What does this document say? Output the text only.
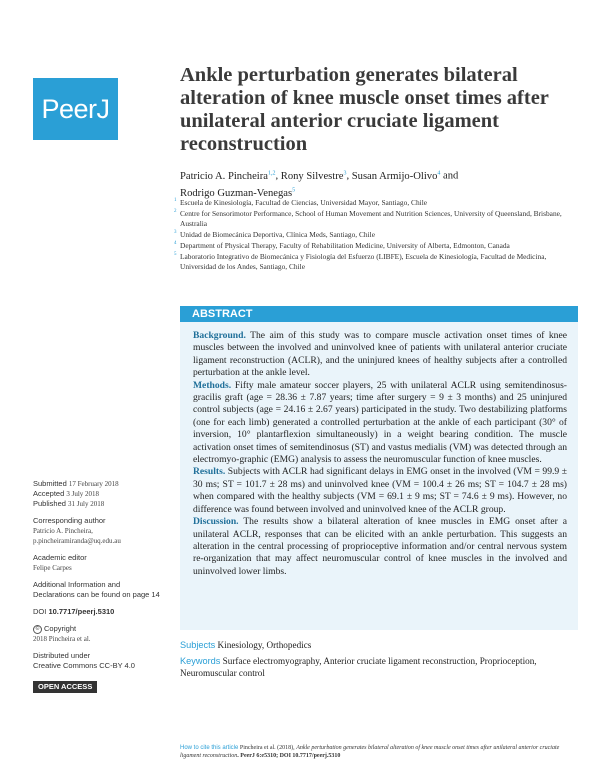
PeerJ
Ankle perturbation generates bilateral alteration of knee muscle onset times after unilateral anterior cruciate ligament reconstruction
Patricio A. Pincheira$^{1,2}$, Rony Silvestre$^3$, Susan Armijo-Olivo$^4$ and
Rodrigo Guzman-Venegas$^5$
1 Escuela de Kinesiología, Facultad de Ciencias, Universidad Mayor, Santiago, Chile
2 Centre for Sensorimotor Performance, School of Human Movement and Nutrition Sciences, University of Queensland, Brisbane, Australia
3 Unidad de Biomecánica Deportiva, Clínica Meds, Santiago, Chile
4 Department of Physical Therapy, Faculty of Rehabilitation Medicine, University of Alberta, Edmonton, Canada
5 Laboratorio Integrativo de Biomecánica y Fisiología del Esfuerzo (LIBFE), Escuela de Kinesiología, Facultad de Medicina, Universidad de los Andes, Santiago, Chile
ABSTRACT

Background. The aim of this study was to compare muscle activation onset times of knee muscles between the involved and uninvolved knee of patients with unilateral anterior cruciate ligament reconstruction (ACLR), and the uninjured knees of healthy subjects after a controlled perturbation at the ankle level.

Methods. Fifty male amateur soccer players, 25 with unilateral ACLR using semitendinosus-gracilis graft (age = 28.36 ± 7.87 years; time after surgery = 9 ± 3 months) and 25 uninjured control subjects (age = 24.16 ± 2.67 years) participated in the study. Two destabilizing platforms (one for each limb) generated a controlled perturbation at the ankle of each participant (30° of inversion, 10° plantarflexion simultaneously) in a weight bearing condition. The muscle activation onset times of semitendinosus (ST) and vastus medialis (VM) was detected through an electromyo-graphic (EMG) analysis to assess the neuromuscular function of knee muscles.

Results. Subjects with ACLR had significant delays in EMG onset in the involved (VM = 99.9 ± 30 ms; ST = 101.7 ± 28 ms) and uninvolved knee (VM = 100.4 ± 26 ms; ST = 104.7 ± 28 ms) when compared with the healthy subjects (VM = 69.1 ± 9 ms; ST = 74.6 ± 9 ms). However, no difference was found between involved and uninvolved knee of the ACLR group.

Discussion. The results show a bilateral alteration of knee muscles in EMG onset after a unilateral ACLR, responses that can be elicited with an ankle perturbation. This suggests an alteration in the central processing of proprioceptive information and/or central nervous system re-organization that may affect neuromuscular control of knee muscles in the involved and uninvolved lower limbs.

Submitted 17 February 2018
Accepted 3 July 2018
Published 31 July 2018
Corresponding author
Patricio A. Pincheira,
p.pincheiramiranda@uq.edu.au
Academic editor
Felipe Carpes
Additional Information and Declarations can be found on page 14
DOI 10.7717/peerj.5310
© Copyright
2018 Pincheira et al.
Distributed under
Creative Commons CC-BY 4.0
OPEN ACCESS
Subjects Kinesiology, Orthopedics
Keywords Surface electromyography, Anterior cruciate ligament reconstruction, Proprioception, Neuromuscular control
How to cite this article Pincheira et al. (2018), Ankle perturbation generates bilateral alteration of knee muscle onset times after unilateral anterior cruciate ligament reconstruction. PeerJ 6:e5310; DOI 10.7717/peerj.5310
